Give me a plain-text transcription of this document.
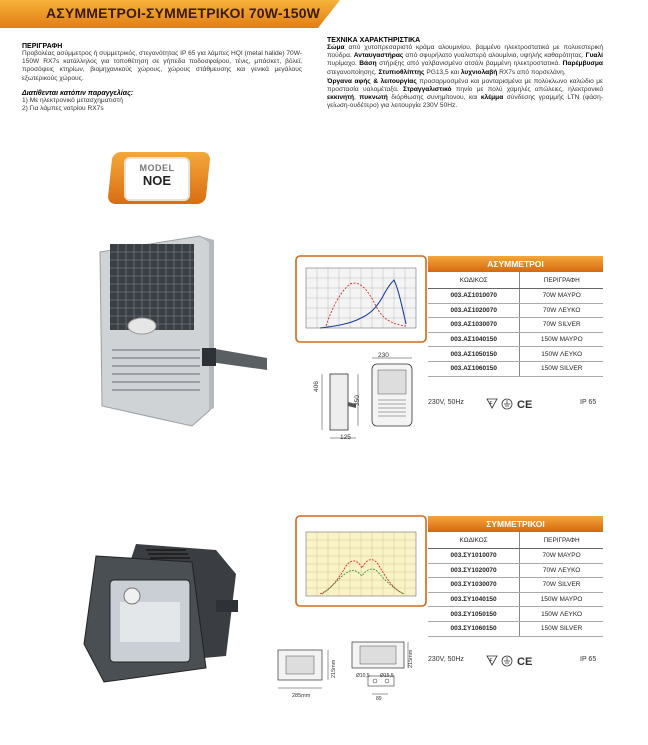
ΑΣΥΜΜΕΤΡΟΙ-ΣΥΜΜΕΤΡΙΚΟΙ 70W-150W
ΠΕΡΙΓΡΑΦΗ
Προβολέας ασύμμετρος ή συμμετρικός, στεγανότητας IP 65 για λάμπες HQI (metal halide) 70W-150W RX7s κατάλληλος για τοποθέτηση σε γήπεδα ποδοσφαίρου, τένις, μπάσκετ, βόλεϊ, προσόψεις κτηρίων, βιομηχανικούς χώρους, χώρους στάθμευσης και γενικά μεγάλους εξωτερικούς χώρους.
Διατίθενται κατόπιν παραγγελίας:
1) Με ηλεκτρονικό μετασχηματιστή
2) Για λάμπες νατρίου RX7s
ΤΕΧΝΙΚΑ ΧΑΡΑΚΤΗΡΙΣΤΙΚΑ
Σώμα από χυτοπρεσαριστό κράμα αλουμινίου, βαμμένο ηλεκτροστατικά με πολυεστερική πούδρα. Ανταυγαστήρας από σφυρήλατο γυαλιστερό αλουμίνιο, υψηλής καθαρότητας. Γυαλί πυρίμαχο. Βάση στήριξης από γαλβανισμένο ατσάλι βαμμένη ηλεκτροστατικά. Παρέμβυσμα στεγανοποίησης. Στυπιοθλίπτης PG13,5 και λυχνιολαβή RX7s από πορσελάνη.
Όργανα αφής & λειτουργίας προσαρμοσμένα και μονταρισμένα με πολύκλωνο καλώδιο με προστασία υαλομέταξα. Στραγγαλιστικό πηνίο με πολύ χαμηλές απώλειες, ηλεκτρονικό εκκινητή, πυκνωτή διόρθωσης συνημίτονου, και κλέμμα σύνδεσης γραμμής LTN (φάση-γείωση-ουδέτερο) για λειτουργία 230V 50Hz.
MODEL
NOE
ΑΣΥΜΜΕΤΡΟΙ
ΚΩΔΙΚΟΣ	ΠΕΡΙΓΡΑΦΗ
003.ΑΣ1010070	70W ΜΑΥΡΟ
003.ΑΣ1020070	70W ΛΕΥΚΟ
003.ΑΣ1030070	70W SILVER
003.ΑΣ1040150	150W ΜΑΥΡΟ
003.ΑΣ1050150	150W ΛΕΥΚΟ
003.ΑΣ1060150	150W SILVER
230
406
350
125
230V, 50Hz	F CE	IP 65
ΣΥΜΜΕΤΡΙΚΟΙ
ΚΩΔΙΚΟΣ	ΠΕΡΙΓΡΑΦΗ
003.ΣΥ1010070	70W ΜΑΥΡΟ
003.ΣΥ1020070	70W ΛΕΥΚΟ
003.ΣΥ1030070	70W SILVER
003.ΣΥ1040150	150W ΜΑΥΡΟ
003.ΣΥ1050150	150W ΛΕΥΚΟ
003.ΣΥ1060150	150W SILVER
285mm
215mm
215mm
Ø10,5 Ø15,5
89
230V, 50Hz	F CE	IP 65
